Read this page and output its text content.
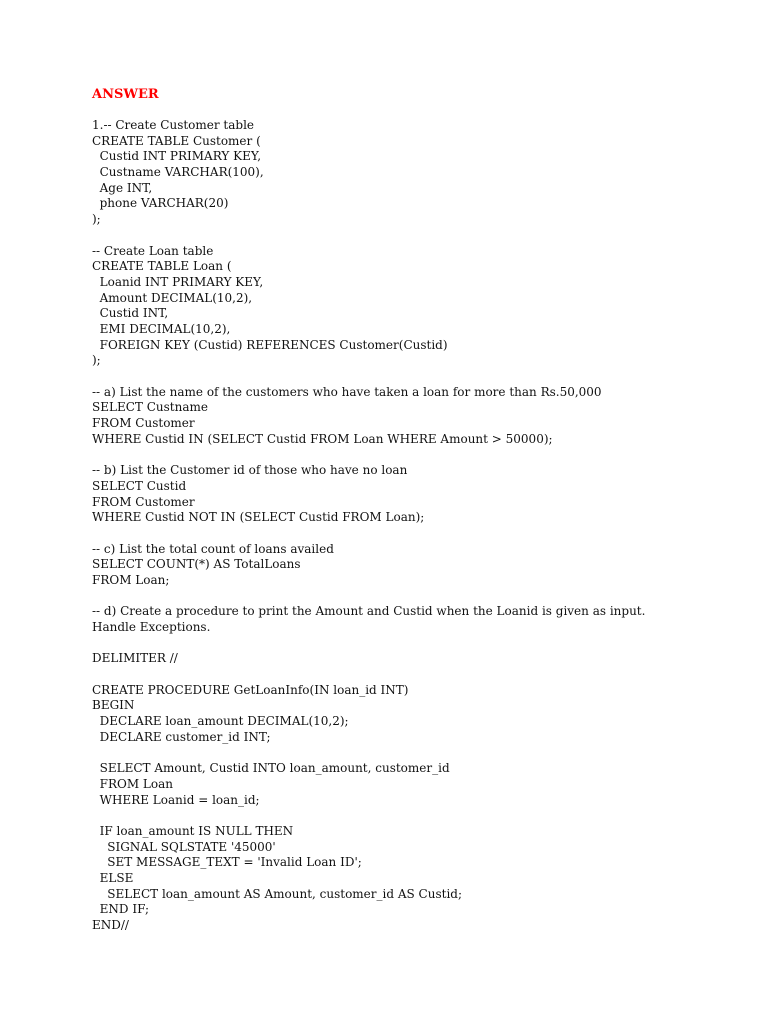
ANSWER
1.-- Create Customer table
CREATE TABLE Customer (
Custid INT PRIMARY KEY,
Custname VARCHAR(100),
Age INT,
phone VARCHAR(20)
);
-- Create Loan table
CREATE TABLE Loan (
Loanid INT PRIMARY KEY,
Amount DECIMAL(10,2),
Custid INT,
EMI DECIMAL(10,2),
FOREIGN KEY (Custid) REFERENCES Customer(Custid)
);
-- a) List the name of the customers who have taken a loan for more than Rs.50,000
SELECT Custname
FROM Customer
WHERE Custid IN (SELECT Custid FROM Loan WHERE Amount > 50000);
-- b) List the Customer id of those who have no loan
SELECT Custid
FROM Customer
WHERE Custid NOT IN (SELECT Custid FROM Loan);
-- c) List the total count of loans availed
SELECT COUNT(*) AS TotalLoans
FROM Loan;
-- d) Create a procedure to print the Amount and Custid when the Loanid is given as input.
Handle Exceptions.
DELIMITER //
CREATE PROCEDURE GetLoanInfo(IN loan_id INT)
BEGIN
DECLARE loan_amount DECIMAL(10,2);
DECLARE customer_id INT;
SELECT Amount, Custid INTO loan_amount, customer_id
FROM Loan
WHERE Loanid = loan_id;
IF loan_amount IS NULL THEN
SIGNAL SQLSTATE '45000'
SET MESSAGE_TEXT = 'Invalid Loan ID';
ELSE
SELECT loan_amount AS Amount, customer_id AS Custid;
END IF;
END//
